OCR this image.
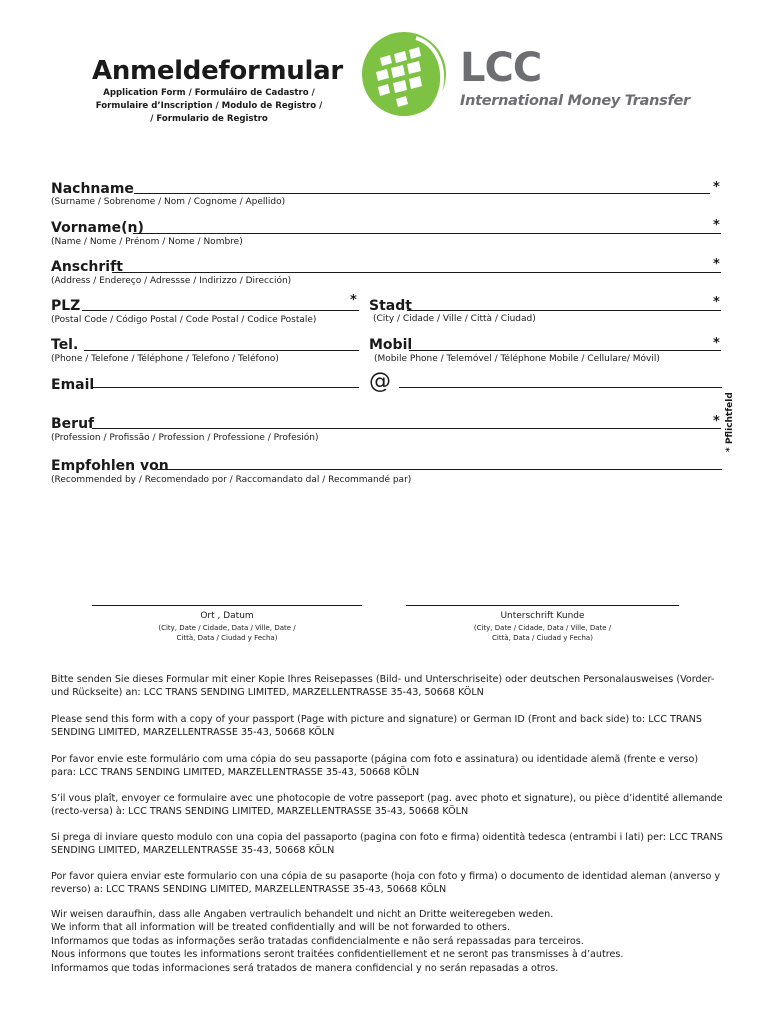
Anmeldeformular
Application Form / Formuláiro de Cadastro /
Formulaire d’Inscription / Modulo de Registro /
/ Formulario de Registro
LCC
International Money Transfer
Nachname	*
(Surname / Sobrenome / Nom / Cognome / Apellido)
Vorname(n)	*
(Name / Nome / Prénom / Nome / Nombre)
Anschrift	*
(Address / Endereço / Adressse / Indirizzo / Dirección)
PLZ	*
(Postal Code / Código Postal / Code Postal / Codice Postale)
Stadt	*
(City / Cidade / Ville / Città / Ciudad)
Tel.
(Phone / Telefone / Téléphone / Telefono / Teléfono)
Mobil	*
(Mobile Phone / Telemóvel / Téléphone Mobile / Cellulare/ Móvil)
Email	@
Beruf	*
(Profession / Profissão / Profession / Professione / Profesión)
Empfohlen von
(Recommended by / Recomendado por / Raccomandato dal / Recommandé par)
* Pflichtfeld
Ort , Datum
(City, Date / Cidade, Data / Ville, Date /
Città, Data / Ciudad y Fecha)
Unterschrift Kunde
(City, Date / Cidade, Data / Ville, Date /
Città, Data / Ciudad y Fecha)
Bitte senden Sie dieses Formular mit einer Kopie Ihres Reisepasses (Bild- und Unterschriseite) oder deutschen Personalausweises (Vorder- und Rückseite) an: LCC TRANS SENDING LIMITED, MARZELLENTRASSE 35-43, 50668 KÖLN
Please send this form with a copy of your passport (Page with picture and signature) or German ID (Front and back side) to: LCC TRANS SENDING LIMITED, MARZELLENTRASSE 35-43, 50668 KÖLN
Por favor envie este formulário com uma cópia do seu passaporte (página com foto e assinatura) ou identidade alemã (frente e verso) para: LCC TRANS SENDING LIMITED, MARZELLENTRASSE 35-43, 50668 KÖLN
S’il vous plaît, envoyer ce formulaire avec une photocopie de votre passeport (pag. avec photo et signature), ou pièce d’identité allemande (recto-versa) à: LCC TRANS SENDING LIMITED, MARZELLENTRASSE 35-43, 50668 KÖLN
Si prega di inviare questo modulo con una copia del passaporto (pagina con foto e firma) oidentità tedesca (entrambi i lati) per: LCC TRANS SENDING LIMITED, MARZELLENTRASSE 35-43, 50668 KÖLN
Por favor quiera enviar este formulario con una cópia de su pasaporte (hoja con foto y firma) o documento de identidad aleman (anverso y reverso) a: LCC TRANS SENDING LIMITED, MARZELLENTRASSE 35-43, 50668 KÖLN
Wir weisen daraufhin, dass alle Angaben vertraulich behandelt und nicht an Dritte weiteregeben weden.
We inform that all information will be treated confidentially and will be not forwarded to others.
Informamos que todas as informações serão tratadas confidencialmente e não será repassadas para terceiros.
Nous informons que toutes les informations seront traitées confidentiellement et ne seront pas transmisses à d’autres.
Informamos que todas informaciones será tratados de manera confidencial y no serán repasadas a otros.
